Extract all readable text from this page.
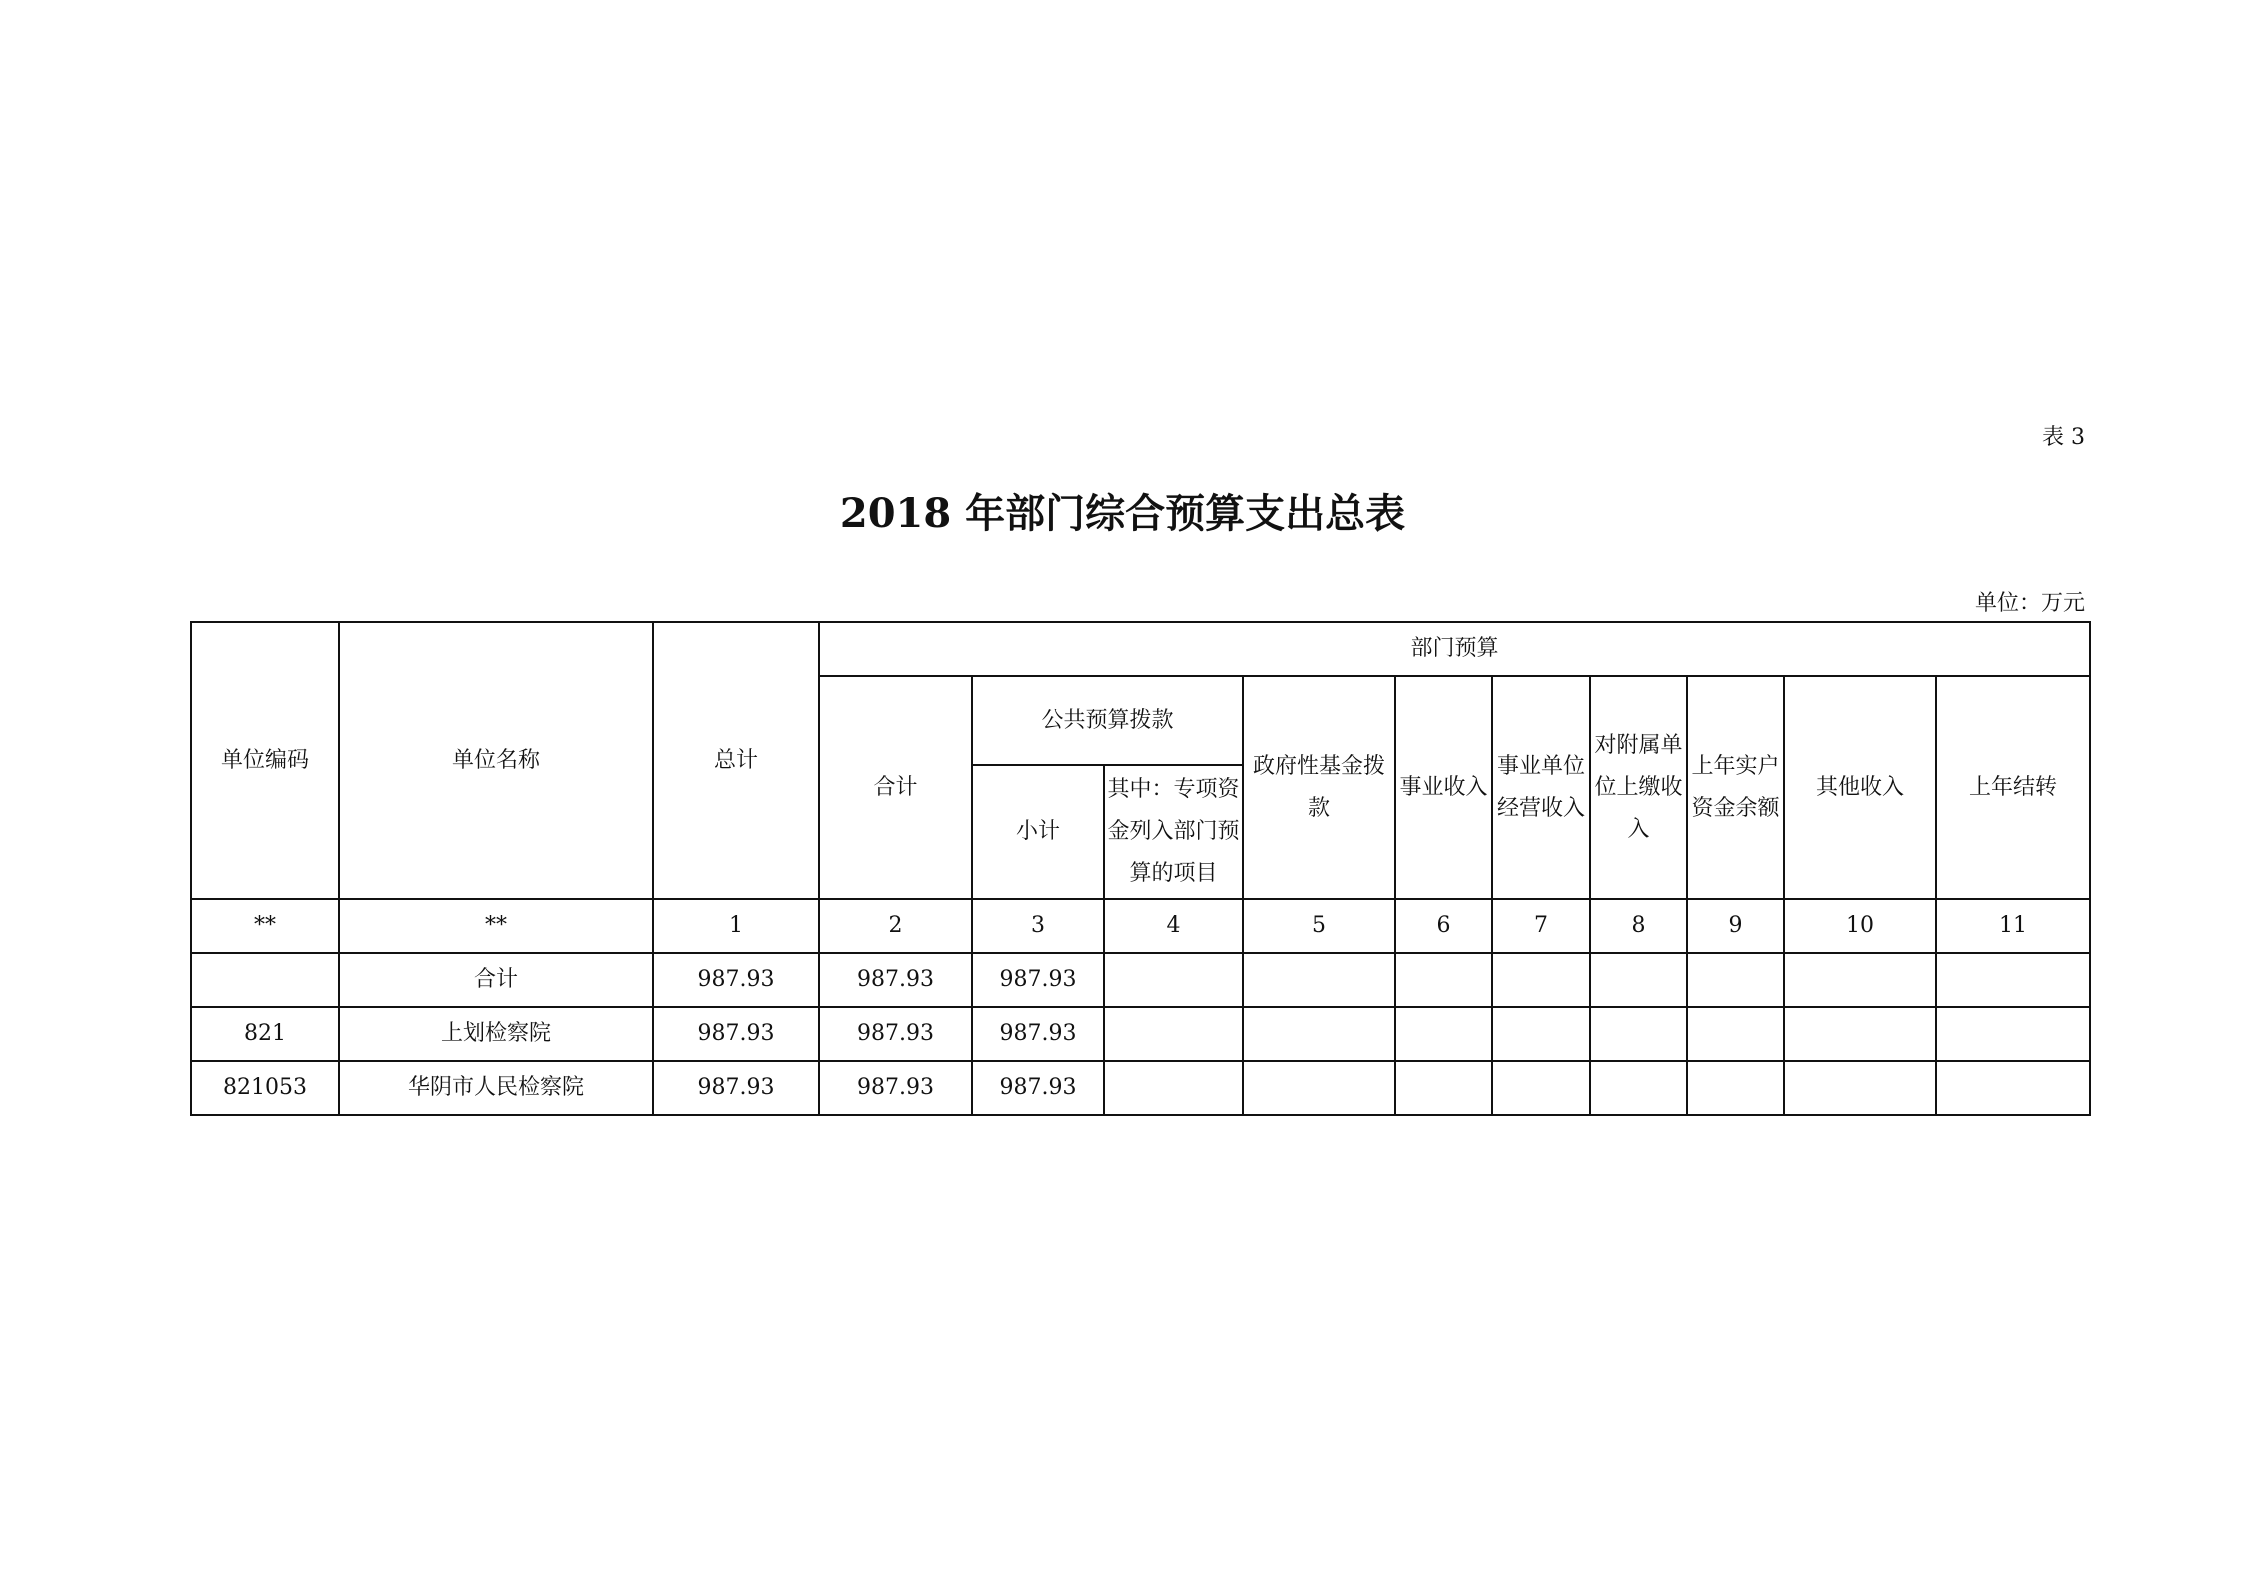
表 3
2018 年部门综合预算支出总表
单位：万元
单位编码	单位名称	总计	部门预算									
			合计	公共预算拨款		政府性基金拨款	事业收入	事业单位经营收入	对附属单位上缴收入	上年实户资金余额	其他收入	上年结转
				小计	其中：专项资金列入部门预算的项目							
**	**	1	2	3	4	5	6	7	8	9	10	11
	合计	987.93	987.93	987.93								
821	上划检察院	987.93	987.93	987.93								
821053	华阴市人民检察院	987.93	987.93	987.93								
